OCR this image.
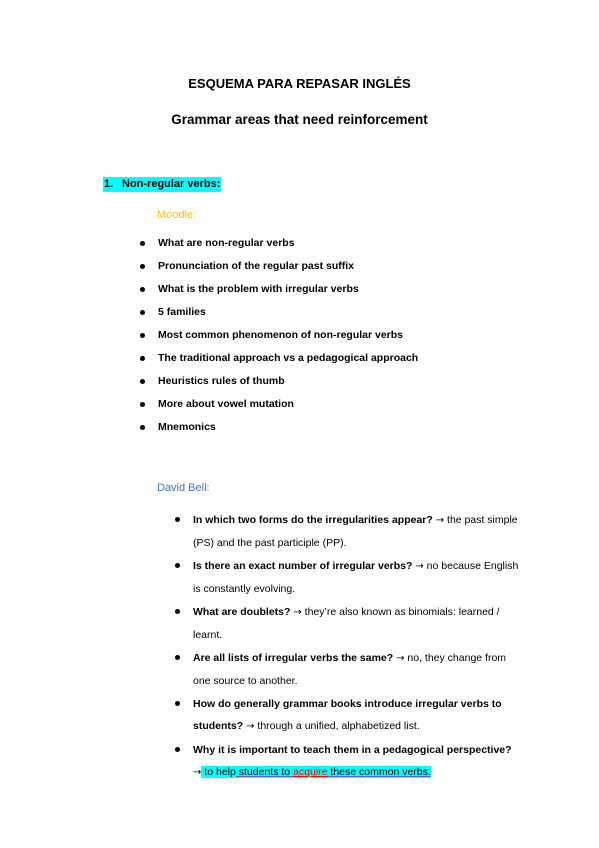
ESQUEMA PARA REPASAR INGLÉS
Grammar areas that need reinforcement
1. Non-regular verbs:
Moodle:
What are non-regular verbs
Pronunciation of the regular past suffix
What is the problem with irregular verbs
5 families
Most common phenomenon of non-regular verbs
The traditional approach vs a pedagogical approach
Heuristics rules of thumb
More about vowel mutation
Mnemonics
David Bell:
In which two forms do the irregularities appear? → the past simple (PS) and the past participle (PP).
Is there an exact number of irregular verbs? → no because English is constantly evolving.
What are doublets? → they’re also known as binomials: learned / learnt.
Are all lists of irregular verbs the same? → no, they change from one source to another.
How do generally grammar books introduce irregular verbs to students? → through a unified, alphabetized list.
Why it is important to teach them in a pedagogical perspective? → to help students to acquire these common verbs.
